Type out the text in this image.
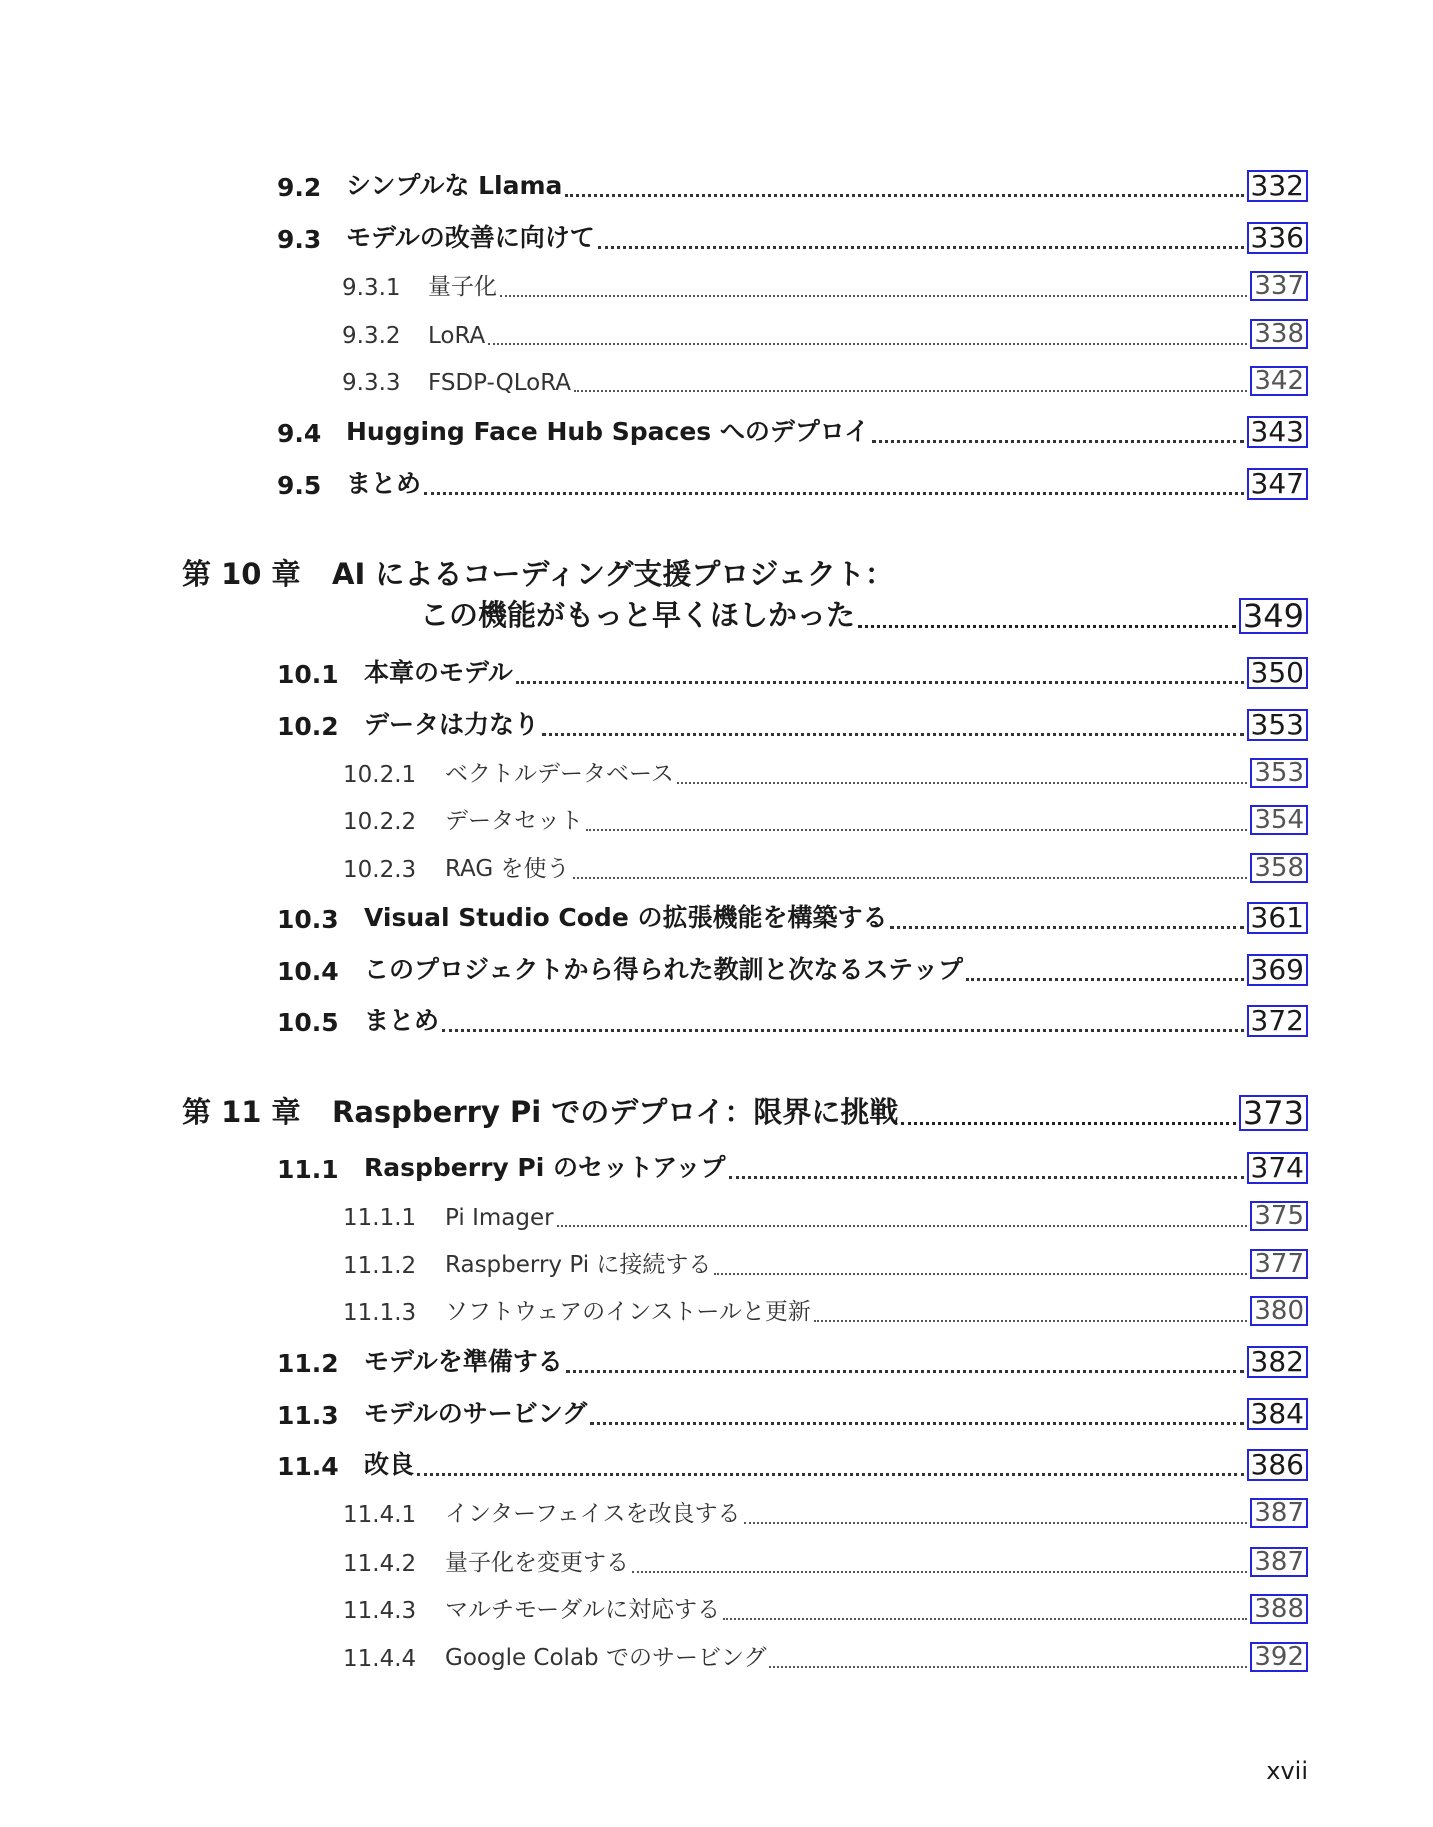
9.2 シンプルな Llama	332
9.3 モデルの改善に向けて	336
9.3.1	量子化	337
9.3.2	LoRA	338
9.3.3	FSDP-QLoRA	342
9.4 Hugging Face Hub Spaces へのデプロイ	343
9.5 まとめ	347
第 10 章 AI によるコーディング支援プロジェクト：
この機能がもっと早くほしかった	349
10.1	本章のモデル	350
10.2	データは力なり	353
10.2.1	ベクトルデータベース	353
10.2.2	データセット	354
10.2.3	RAG を使う	358
10.3	Visual Studio Code の拡張機能を構築する	361
10.4	このプロジェクトから得られた教訓と次なるステップ	369
10.5	まとめ	372
第 11 章	Raspberry Pi でのデプロイ：限界に挑戦	373
11.1	Raspberry Pi のセットアップ	374
11.1.1	Pi Imager	375
11.1.2	Raspberry Pi に接続する	377
11.1.3	ソフトウェアのインストールと更新	380
11.2	モデルを準備する	382
11.3	モデルのサービング	384
11.4	改良	386
11.4.1	インターフェイスを改良する	387
11.4.2	量子化を変更する	387
11.4.3	マルチモーダルに対応する	388
11.4.4	Google Colab でのサービング	392
xvii
